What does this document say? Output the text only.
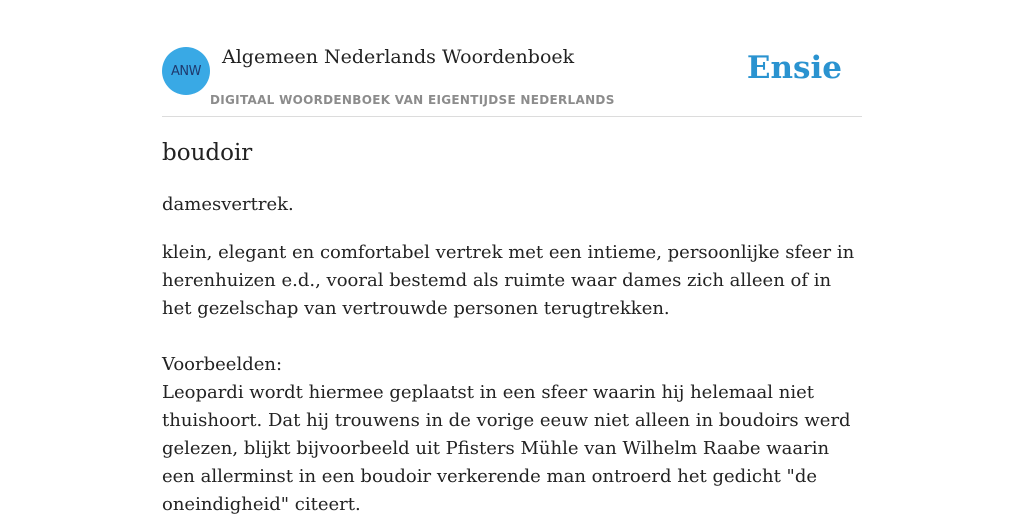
ANW
Algemeen Nederlands Woordenboek
DIGITAAL WOORDENBOEK VAN EIGENTIJDSE NEDERLANDS
Ensie
boudoir
damesvertrek.

klein, elegant en comfortabel vertrek met een intieme, persoonlijke sfeer in herenhuizen e.d., vooral bestemd als ruimte waar dames zich alleen of in het gezelschap van vertrouwde personen terugtrekken.

Voorbeelden:

Leopardi wordt hiermee geplaatst in een sfeer waarin hij helemaal niet thuishoort. Dat hij trouwens in de vorige eeuw niet alleen in boudoirs werd gelezen, blijkt bijvoorbeeld uit Pfisters Mühle van Wilhelm Raabe waarin een allerminst in een boudoir verkerende man ontroerd het gedicht "de oneindigheid" citeert.
